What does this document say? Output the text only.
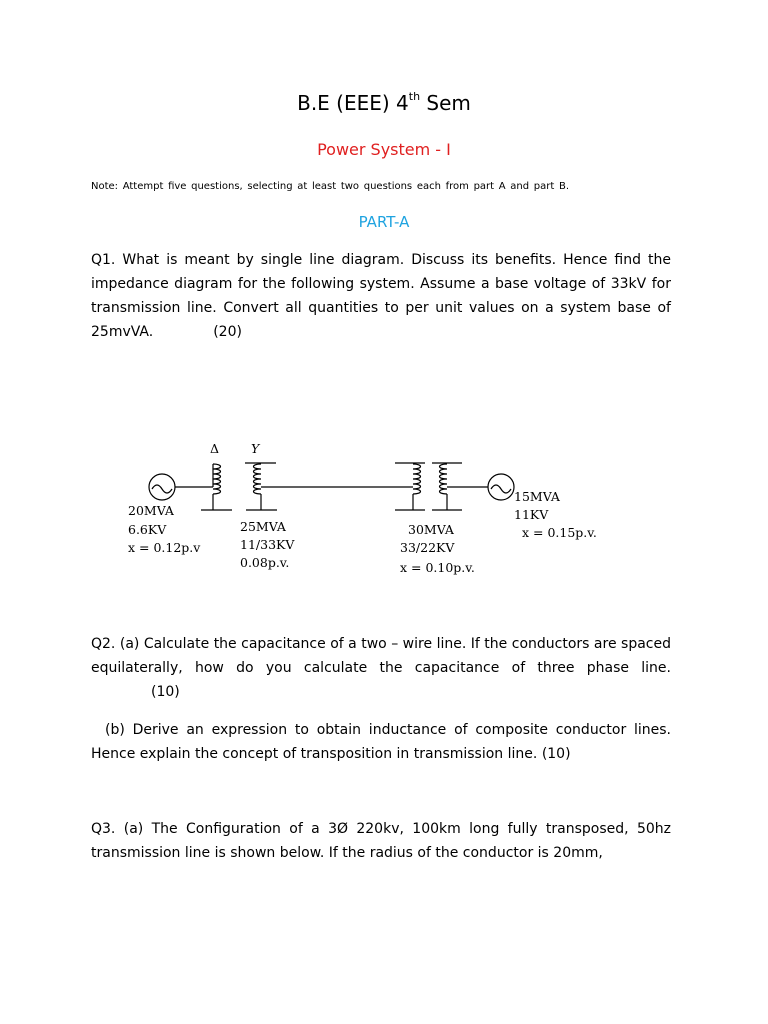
B.E (EEE) 4th Sem
Power System - I
Note: Attempt five questions, selecting at least two questions each from part A and part B.
PART-A
Q1. What is meant by single line diagram. Discuss its benefits. Hence find the impedance diagram for the following system. Assume a base voltage of 33kV for transmission line. Convert all quantities to per unit values on a system base of 25mvVA.	(20)
Δ	Y
20MVA
6.6KV
x = 0.12p.v
25MVA
11/33KV
0.08p.v.
30MVA
33/22KV
x = 0.10p.v.
15MVA
11KV
x = 0.15p.v.
Q2. (a) Calculate the capacitance of a two – wire line. If the conductors are spaced equilaterally, how do you calculate the capacitance of three phase line.(10)
(b) Derive an expression to obtain inductance of composite conductor lines. Hence explain the concept of transposition in transmission line. (10)
Q3. (a) The Configuration of a 3Ø 220kv, 100km long fully transposed, 50hz transmission line is shown below. If the radius of the conductor is 20mm,
